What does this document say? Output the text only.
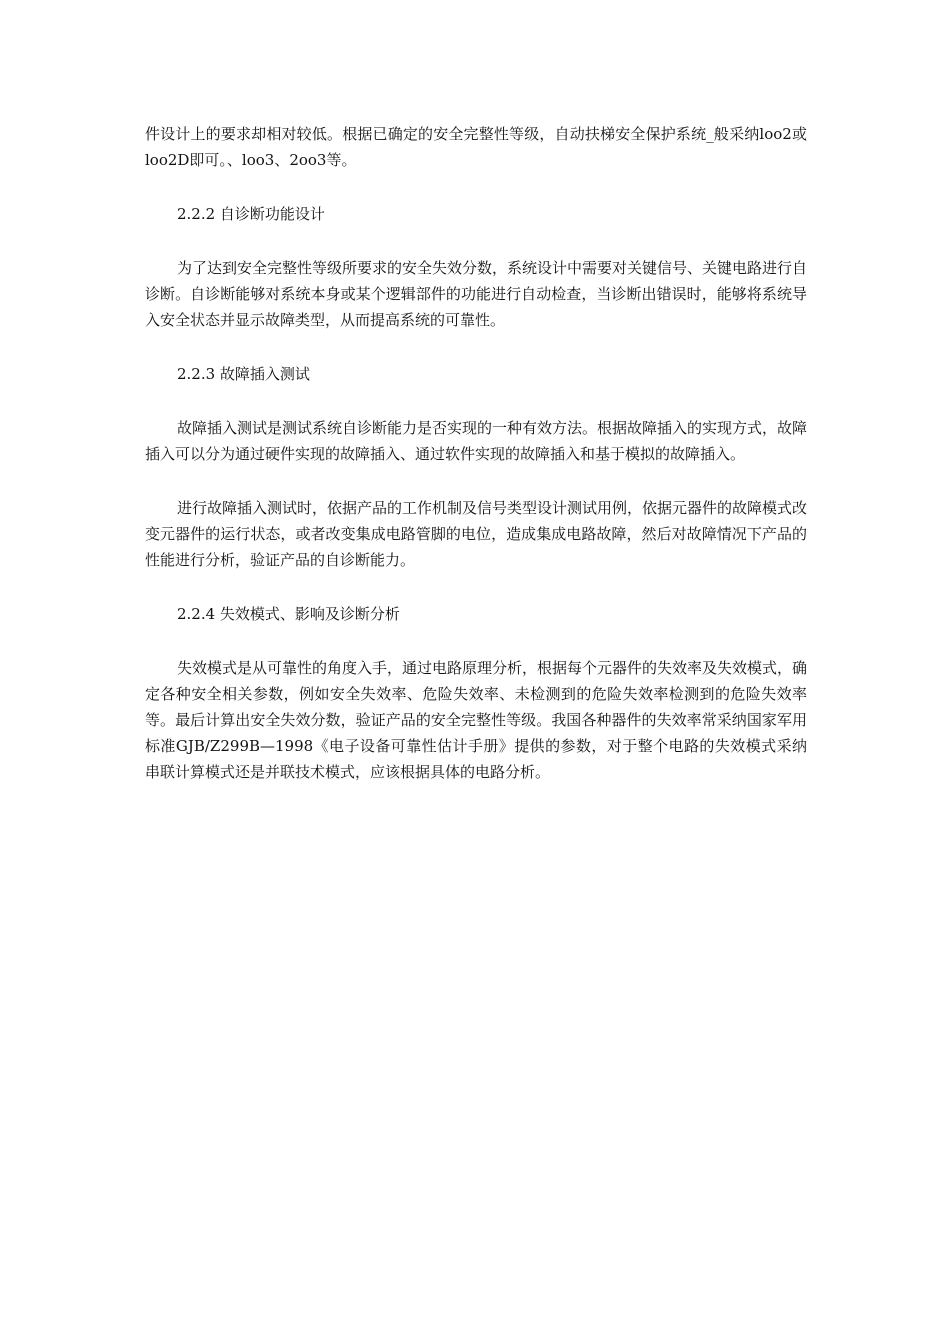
件设计上的要求却相对较低。根据已确定的安全完整性等级，自动扶梯安全保护系统_般采纳loo2或loo2D即可。、loo3、2oo3等。

2.2.2 自诊断功能设计

为了达到安全完整性等级所要求的安全失效分数，系统设计中需要对关键信号、关键电路进行自诊断。自诊断能够对系统本身或某个逻辑部件的功能进行自动检查，当诊断出错误时，能够将系统导入安全状态并显示故障类型，从而提高系统的可靠性。

2.2.3 故障插入测试

故障插入测试是测试系统自诊断能力是否实现的一种有效方法。根据故障插入的实现方式，故障插入可以分为通过硬件实现的故障插入、通过软件实现的故障插入和基于模拟的故障插入。

进行故障插入测试时，依据产品的工作机制及信号类型设计测试用例，依据元器件的故障模式改变元器件的运行状态，或者改变集成电路管脚的电位，造成集成电路故障，然后对故障情况下产品的性能进行分析，验证产品的自诊断能力。

2.2.4 失效模式、影响及诊断分析

失效模式是从可靠性的角度入手，通过电路原理分析，根据每个元器件的失效率及失效模式，确定各种安全相关参数，例如安全失效率、危险失效率、未检测到的危险失效率检测到的危险失效率等。最后计算出安全失效分数，验证产品的安全完整性等级。我国各种器件的失效率常采纳国家军用标准GJB/Z299B—1998《电子设备可靠性估计手册》提供的参数，对于整个电路的失效模式采纳串联计算模式还是并联技术模式，应该根据具体的电路分析。
